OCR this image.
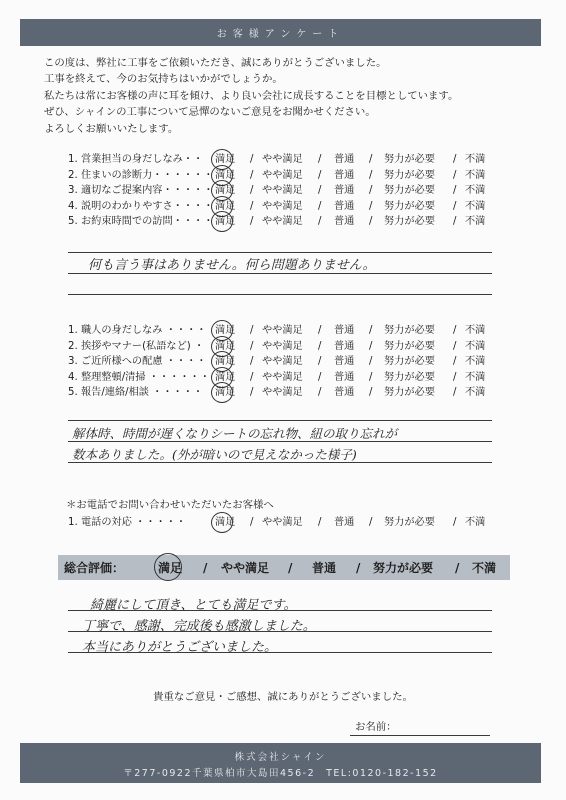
お客様アンケート
この度は、弊社に工事をご依頼いただき、誠にありがとうございました。
工事を終えて、今のお気持ちはいかがでしょうか。
私たちは常にお客様の声に耳を傾け、より良い会社に成長することを目標としています。
ぜひ、シャインの工事について忌憚のないご意見をお聞かせください。
よろしくお願いいたします。
1. 営業担当の身だしなみ・・ 満足 / やや満足 / 普通 / 努力が必要 / 不満
2. 住まいの診断力・・・・・・ 満足 / やや満足 / 普通 / 努力が必要 / 不満
3. 適切なご提案内容・・・・・ 満足 / やや満足 / 普通 / 努力が必要 / 不満
4. 説明のわかりやすさ・・・・ 満足 / やや満足 / 普通 / 努力が必要 / 不満
5. お約束時間での訪問・・・・ 満足 / やや満足 / 普通 / 努力が必要 / 不満
何も言う事はありません。何ら問題ありません。
1. 職人の身だしなみ ・・・・ 満足 / やや満足 / 普通 / 努力が必要 / 不満
2. 挨拶やマナー(私語など) ・ 満足 / やや満足 / 普通 / 努力が必要 / 不満
3. ご近所様への配慮 ・・・・ 満足 / やや満足 / 普通 / 努力が必要 / 不満
4. 整理整頓/清掃 ・・・・・・ 満足 / やや満足 / 普通 / 努力が必要 / 不満
5. 報告/連絡/相談 ・・・・・ 満足 / やや満足 / 普通 / 努力が必要 / 不満
解体時、時間が遅くなりシートの忘れ物、紐の取り忘れが
数本ありました。(外が暗いので見えなかった様子)
＊お電話でお問い合わせいただいたお客様へ
1. 電話の対応 ・・・・・	満足 / やや満足 / 普通 / 努力が必要 / 不満
総合評価：	満足 / やや満足 / 普通 / 努力が必要 / 不満
綺麗にして頂き、とても満足です。
丁寧で、感謝、完成後も感激しました。
本当にありがとうございました。
貴重なご意見・ご感想、誠にありがとうございました。
お名前：
株式会社シャイン
〒277-0922千葉県柏市大島田456-2　TEL:0120-182-152
